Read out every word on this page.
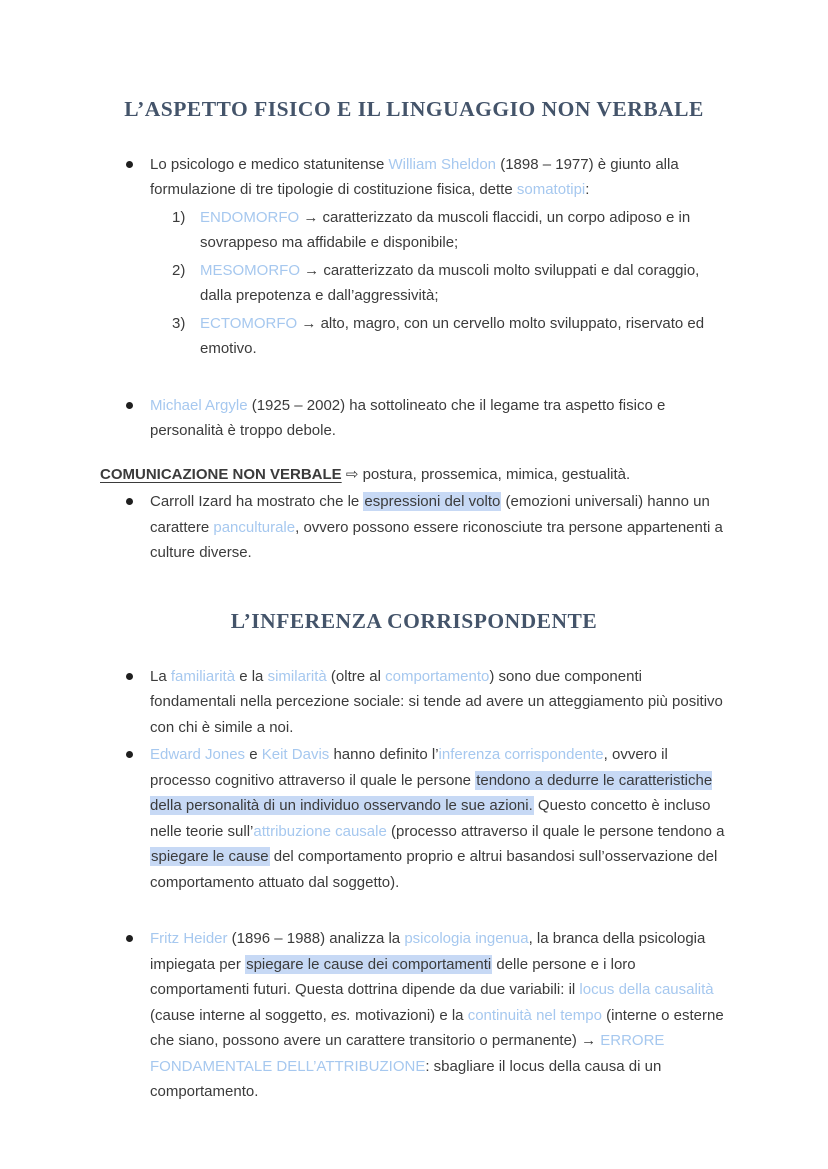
L’ASPETTO FISICO E IL LINGUAGGIO NON VERBALE
Lo psicologo e medico statunitense William Sheldon (1898 – 1977) è giunto alla formulazione di tre tipologie di costituzione fisica, dette somatotipi:
1) ENDOMORFO → caratterizzato da muscoli flaccidi, un corpo adiposo e in sovrappeso ma affidabile e disponibile;
2) MESOMORFO → caratterizzato da muscoli molto sviluppati e dal coraggio, dalla prepotenza e dall’aggressività;
3) ECTOMORFO → alto, magro, con un cervello molto sviluppato, riservato ed emotivo.
Michael Argyle (1925 – 2002) ha sottolineato che il legame tra aspetto fisico e personalità è troppo debole.
COMUNICAZIONE NON VERBALE ⇨ postura, prossemica, mimica, gestualità.
Carroll Izard ha mostrato che le espressioni del volto (emozioni universali) hanno un carattere panculturale, ovvero possono essere riconosciute tra persone appartenenti a culture diverse.
L’INFERENZA CORRISPONDENTE
La familiarità e la similarità (oltre al comportamento) sono due componenti fondamentali nella percezione sociale: si tende ad avere un atteggiamento più positivo con chi è simile a noi.
Edward Jones e Keit Davis hanno definito l’inferenza corrispondente, ovvero il processo cognitivo attraverso il quale le persone tendono a dedurre le caratteristiche della personalità di un individuo osservando le sue azioni. Questo concetto è incluso nelle teorie sull’attribuzione causale (processo attraverso il quale le persone tendono a spiegare le cause del comportamento proprio e altrui basandosi sull’osservazione del comportamento attuato dal soggetto).
Fritz Heider (1896 – 1988) analizza la psicologia ingenua, la branca della psicologia impiegata per spiegare le cause dei comportamenti delle persone e i loro comportamenti futuri. Questa dottrina dipende da due variabili: il locus della causalità (cause interne al soggetto, es. motivazioni) e la continuità nel tempo (interne o esterne che siano, possono avere un carattere transitorio o permanente) → ERRORE FONDAMENTALE DELL’ATTRIBUZIONE: sbagliare il locus della causa di un comportamento.
